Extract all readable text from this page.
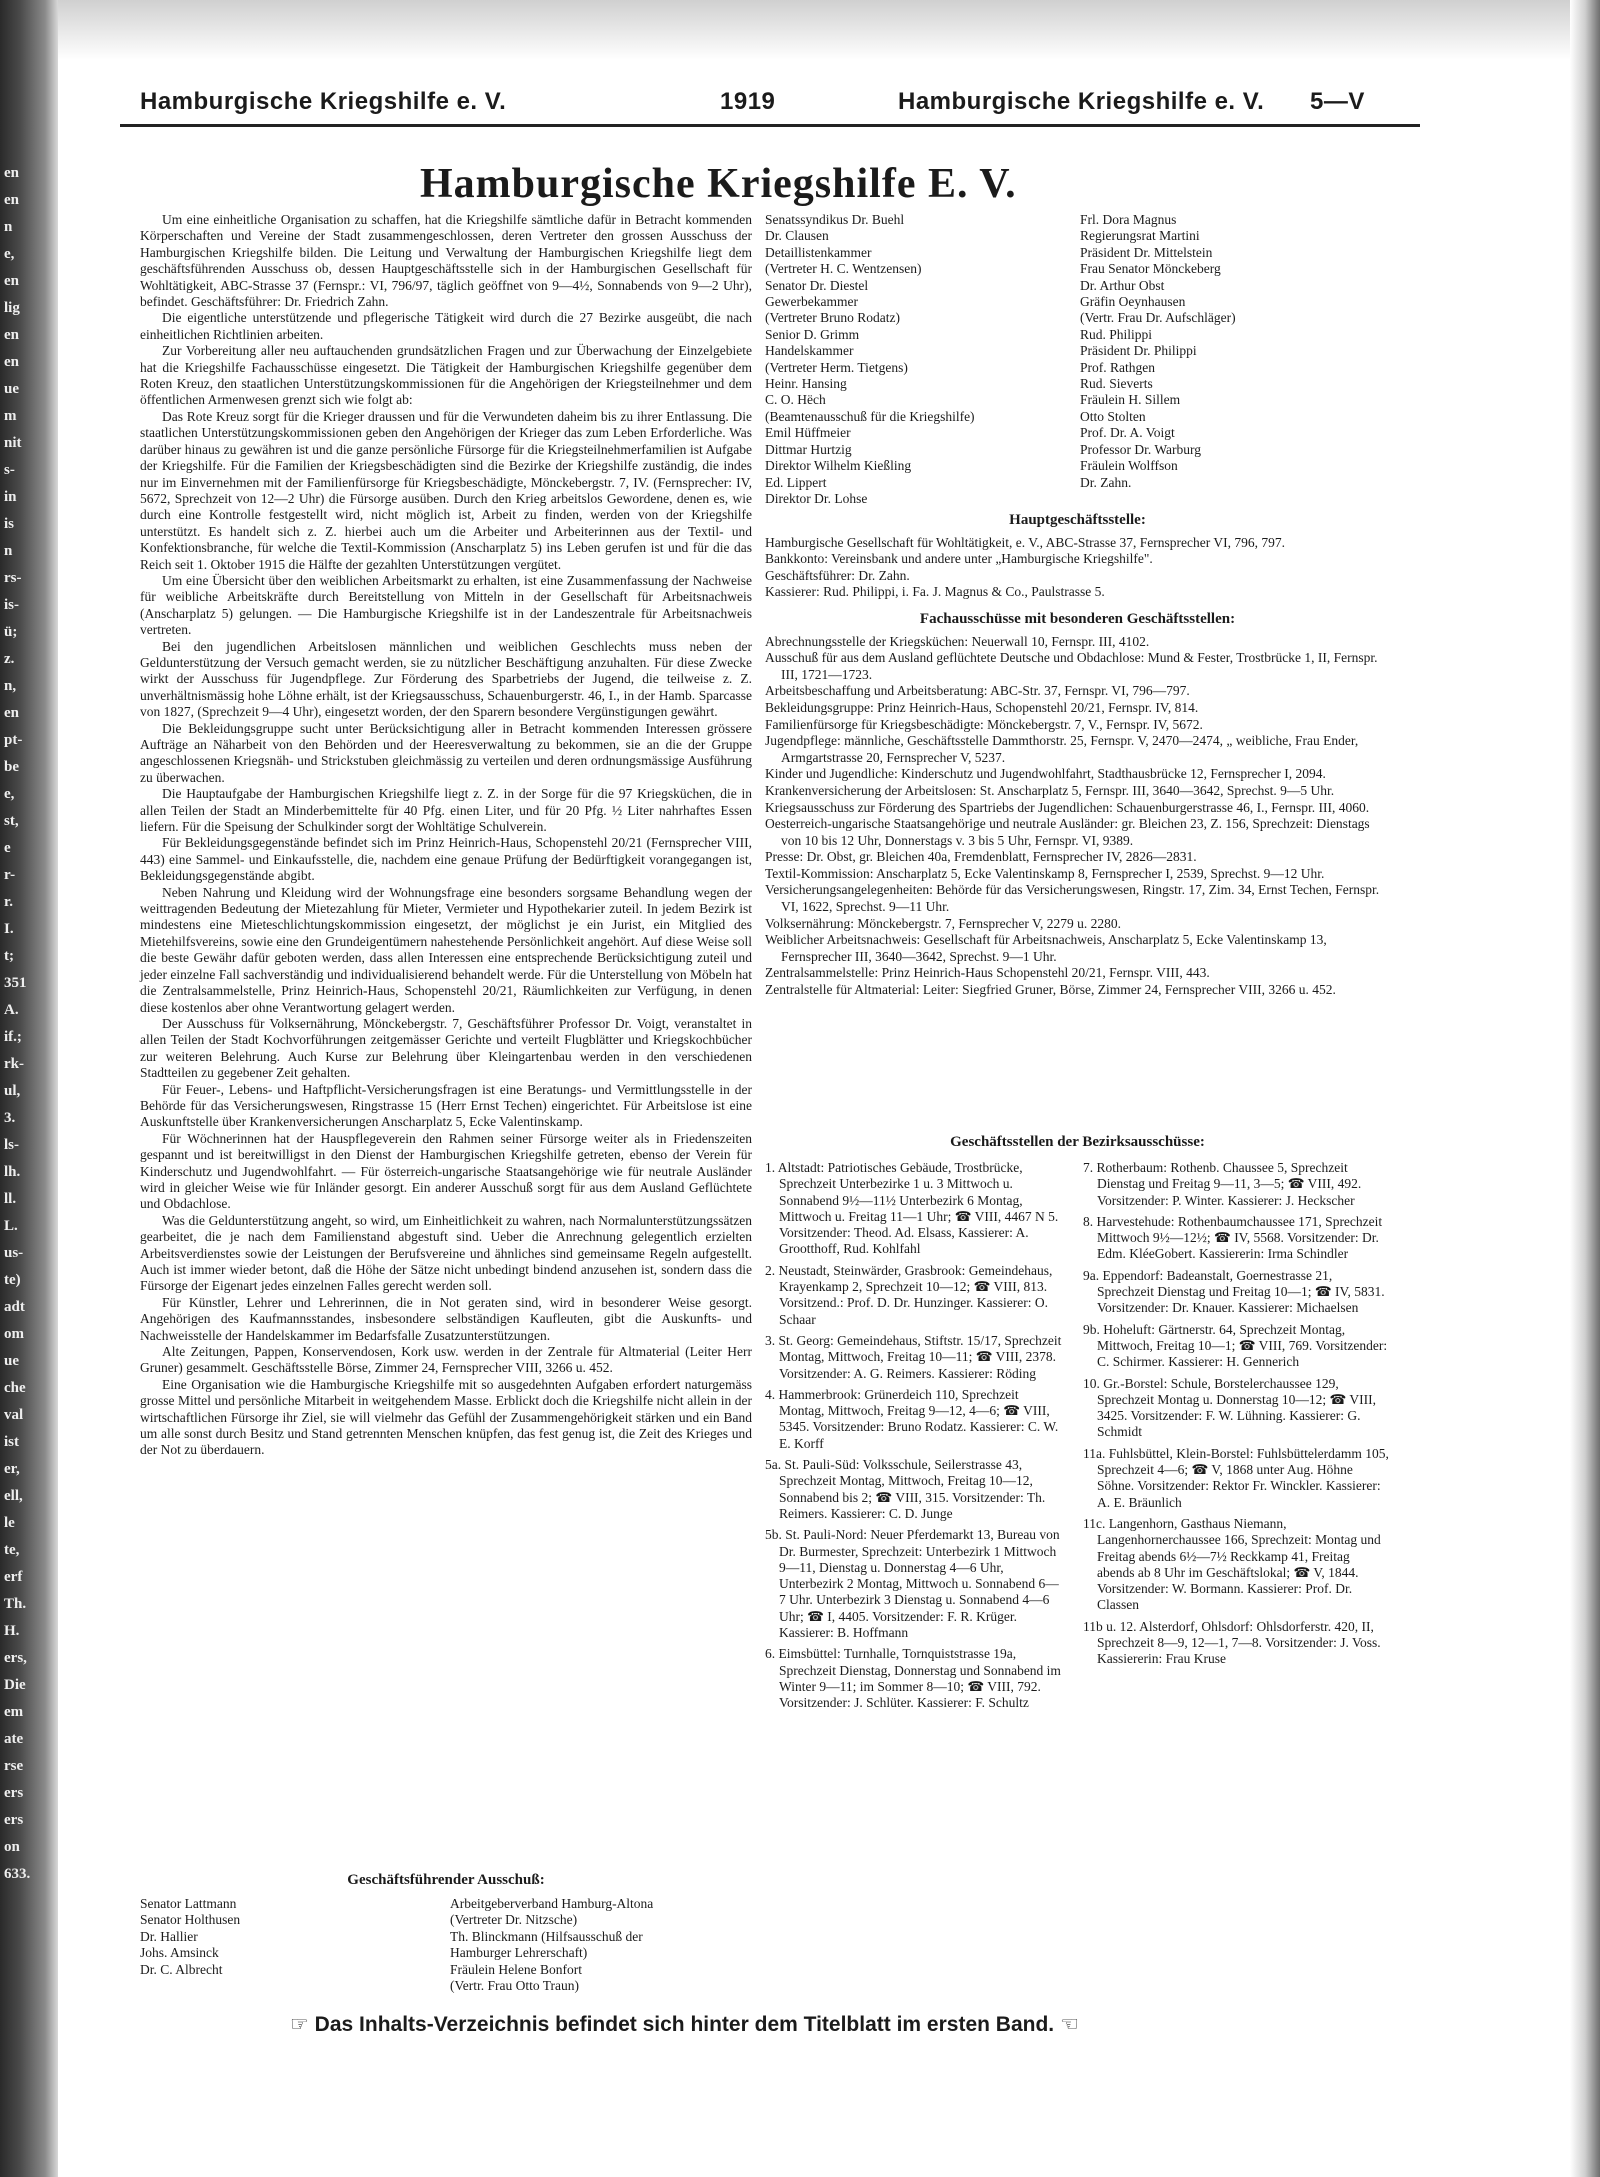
en
en
n
e,
en
lig
en
en
ue
m
nit
s-
in
is
n
rs-
is-
ü;
z.
n,
en
pt-
be
e,
st,
e
r-
r.
I.
t;
351
A.
if.;
rk-
ul,
3.
ls-
lh.
ll.
L.
us-
te)
adt
om
ue
che
val
ist
er,
ell,
le
te,
erf
Th.
H.
ers,
Die
em
ate
rse
ers
ers
on
633.
Hamburgische Kriegshilfe e. V.	1919	Hamburgische Kriegshilfe e. V. 5—V
Hamburgische Kriegshilfe E. V.

Um eine einheitliche Organisation zu schaffen, hat die Kriegshilfe sämtliche dafür in Betracht kommenden Körperschaften und Vereine der Stadt zusammengeschlossen, deren Vertreter den grossen Ausschuss der Hamburgischen Kriegshilfe bilden. Die Leitung und Verwaltung der Hamburgischen Kriegshilfe liegt dem geschäftsführenden Ausschuss ob, dessen Hauptgeschäftsstelle sich in der Hamburgischen Gesellschaft für Wohltätigkeit, ABC-Strasse 37 (Fernspr.: VI, 796/97, täglich geöffnet von 9—4½, Sonnabends von 9—2 Uhr), befindet. Geschäftsführer: Dr. Friedrich Zahn.

Die eigentliche unterstützende und pflegerische Tätigkeit wird durch die 27 Bezirke ausgeübt, die nach einheitlichen Richtlinien arbeiten.

Zur Vorbereitung aller neu auftauchenden grundsätzlichen Fragen und zur Überwachung der Einzelgebiete hat die Kriegshilfe Fachausschüsse eingesetzt. Die Tätigkeit der Hamburgischen Kriegshilfe gegenüber dem Roten Kreuz, den staatlichen Unterstützungskommissionen für die Angehörigen der Kriegsteilnehmer und dem öffentlichen Armenwesen grenzt sich wie folgt ab:

Das Rote Kreuz sorgt für die Krieger draussen und für die Verwundeten daheim bis zu ihrer Entlassung. Die staatlichen Unterstützungskommissionen geben den Angehörigen der Krieger das zum Leben Erforderliche. Was darüber hinaus zu gewähren ist und die ganze persönliche Fürsorge für die Kriegsteilnehmerfamilien ist Aufgabe der Kriegshilfe. Für die Familien der Kriegsbeschädigten sind die Bezirke der Kriegshilfe zuständig, die indes nur im Einvernehmen mit der Familienfürsorge für Kriegsbeschädigte, Mönckebergstr. 7, IV. (Fernsprecher: IV, 5672, Sprechzeit von 12—2 Uhr) die Fürsorge ausüben. Durch den Krieg arbeitslos Gewordene, denen es, wie durch eine Kontrolle festgestellt wird, nicht möglich ist, Arbeit zu finden, werden von der Kriegshilfe unterstützt. Es handelt sich z. Z. hierbei auch um die Arbeiter und Arbeiterinnen aus der Textil- und Konfektionsbranche, für welche die Textil-Kommission (Anscharplatz 5) ins Leben gerufen ist und für die das Reich seit 1. Oktober 1915 die Hälfte der gezahlten Unterstützungen vergütet.

Um eine Übersicht über den weiblichen Arbeitsmarkt zu erhalten, ist eine Zusammenfassung der Nachweise für weibliche Arbeitskräfte durch Bereitstellung von Mitteln in der Gesellschaft für Arbeitsnachweis (Anscharplatz 5) gelungen. — Die Hamburgische Kriegshilfe ist in der Landeszentrale für Arbeitsnachweis vertreten.

Bei den jugendlichen Arbeitslosen männlichen und weiblichen Geschlechts muss neben der Geldunterstützung der Versuch gemacht werden, sie zu nützlicher Beschäftigung anzuhalten. Für diese Zwecke wirkt der Ausschuss für Jugendpflege. Zur Förderung des Sparbetriebs der Jugend, die teilweise z. Z. unverhältnismässig hohe Löhne erhält, ist der Kriegsausschuss, Schauenburgerstr. 46, I., in der Hamb. Sparcasse von 1827, (Sprechzeit 9—4 Uhr), eingesetzt worden, der den Sparern besondere Vergünstigungen gewährt.

Die Bekleidungsgruppe sucht unter Berücksichtigung aller in Betracht kommenden Interessen grössere Aufträge an Näharbeit von den Behörden und der Heeresverwaltung zu bekommen, sie an die der Gruppe angeschlossenen Kriegsnäh- und Strickstuben gleichmässig zu verteilen und deren ordnungsmässige Ausführung zu überwachen.

Die Hauptaufgabe der Hamburgischen Kriegshilfe liegt z. Z. in der Sorge für die 97 Kriegsküchen, die in allen Teilen der Stadt an Minderbemittelte für 40 Pfg. einen Liter, und für 20 Pfg. ½ Liter nahrhaftes Essen liefern. Für die Speisung der Schulkinder sorgt der Wohltätige Schulverein.

Für Bekleidungsgegenstände befindet sich im Prinz Heinrich-Haus, Schopenstehl 20/21 (Fernsprecher VIII, 443) eine Sammel- und Einkaufsstelle, die, nachdem eine genaue Prüfung der Bedürftigkeit vorangegangen ist, Bekleidungsgegenstände abgibt.

Neben Nahrung und Kleidung wird der Wohnungsfrage eine besonders sorgsame Behandlung wegen der weittragenden Bedeutung der Mietezahlung für Mieter, Vermieter und Hypothekarier zuteil. In jedem Bezirk ist mindestens eine Mieteschlichtungskommission eingesetzt, der möglichst je ein Jurist, ein Mitglied des Mietehilfsvereins, sowie eine den Grundeigentümern nahestehende Persönlichkeit angehört. Auf diese Weise soll die beste Gewähr dafür geboten werden, dass allen Interessen eine entsprechende Berücksichtigung zuteil und jeder einzelne Fall sachverständig und individualisierend behandelt werde. Für die Unterstellung von Möbeln hat die Zentralsammelstelle, Prinz Heinrich-Haus, Schopenstehl 20/21, Räumlichkeiten zur Verfügung, in denen diese kostenlos aber ohne Verantwortung gelagert werden.

Der Ausschuss für Volksernährung, Mönckebergstr. 7, Geschäftsführer Professor Dr. Voigt, veranstaltet in allen Teilen der Stadt Kochvorführungen zeitgemässer Gerichte und verteilt Flugblätter und Kriegskochbücher zur weiteren Belehrung. Auch Kurse zur Belehrung über Kleingartenbau werden in den verschiedenen Stadtteilen zu gegebener Zeit gehalten.

Für Feuer-, Lebens- und Haftpflicht-Versicherungsfragen ist eine Beratungs- und Vermittlungsstelle in der Behörde für das Versicherungswesen, Ringstrasse 15 (Herr Ernst Techen) eingerichtet. Für Arbeitslose ist eine Auskunftstelle über Krankenversicherungen Anscharplatz 5, Ecke Valentinskamp.

Für Wöchnerinnen hat der Hauspflegeverein den Rahmen seiner Fürsorge weiter als in Friedenszeiten gespannt und ist bereitwilligst in den Dienst der Hamburgischen Kriegshilfe getreten, ebenso der Verein für Kinderschutz und Jugendwohlfahrt. — Für österreich-ungarische Staatsangehörige wie für neutrale Ausländer wird in gleicher Weise wie für Inländer gesorgt. Ein anderer Ausschuß sorgt für aus dem Ausland Geflüchtete und Obdachlose.

Was die Geldunterstützung angeht, so wird, um Einheitlichkeit zu wahren, nach Normalunterstützungssätzen gearbeitet, die je nach dem Familienstand abgestuft sind. Ueber die Anrechnung gelegentlich erzielten Arbeitsverdienstes sowie der Leistungen der Berufsvereine und ähnliches sind gemeinsame Regeln aufgestellt. Auch ist immer wieder betont, daß die Höhe der Sätze nicht unbedingt bindend anzusehen ist, sondern dass die Fürsorge der Eigenart jedes einzelnen Falles gerecht werden soll.

Für Künstler, Lehrer und Lehrerinnen, die in Not geraten sind, wird in besonderer Weise gesorgt. Angehörigen des Kaufmannsstandes, insbesondere selbständigen Kaufleuten, gibt die Auskunfts- und Nachweisstelle der Handelskammer im Bedarfsfalle Zusatzunterstützungen.

Alte Zeitungen, Pappen, Konservendosen, Kork usw. werden in der Zentrale für Altmaterial (Leiter Herr Gruner) gesammelt. Geschäftsstelle Börse, Zimmer 24, Fernsprecher VIII, 3266 u. 452.

Eine Organisation wie die Hamburgische Kriegshilfe mit so ausgedehnten Aufgaben erfordert naturgemäss grosse Mittel und persönliche Mitarbeit in weitgehendem Masse. Erblickt doch die Kriegshilfe nicht allein in der wirtschaftlichen Fürsorge ihr Ziel, sie will vielmehr das Gefühl der Zusammengehörigkeit stärken und ein Band um alle sonst durch Besitz und Stand getrennten Menschen knüpfen, das fest genug ist, die Zeit des Krieges und der Not zu überdauern.

Senatssyndikus Dr. Buehl
Dr. Clausen
Detaillistenkammer
(Vertreter H. C. Wentzensen)
Senator Dr. Diestel
Gewerbekammer
(Vertreter Bruno Rodatz)
Senior D. Grimm
Handelskammer
(Vertreter Herm. Tietgens)
Heinr. Hansing
C. O. Hëch
(Beamtenausschuß für die Kriegshilfe)
Emil Hüffmeier
Dittmar Hurtzig
Direktor Wilhelm Kießling
Ed. Lippert
Direktor Dr. Lohse
Frl. Dora Magnus
Regierungsrat Martini
Präsident Dr. Mittelstein
Frau Senator Mönckeberg
Dr. Arthur Obst
Gräfin Oeynhausen
(Vertr. Frau Dr. Aufschläger)
Rud. Philippi
Präsident Dr. Philippi
Prof. Rathgen
Rud. Sieverts
Fräulein H. Sillem
Otto Stolten
Prof. Dr. A. Voigt
Professor Dr. Warburg
Fräulein Wolffson
Dr. Zahn.
Hauptgeschäftsstelle:
Hamburgische Gesellschaft für Wohltätigkeit, e. V., ABC-Strasse 37, Fernsprecher VI, 796, 797.
Bankkonto: Vereinsbank und andere unter „Hamburgische Kriegshilfe".
Geschäftsführer: Dr. Zahn.
Kassierer: Rud. Philippi, i. Fa. J. Magnus & Co., Paulstrasse 5.
Fachausschüsse mit besonderen Geschäftsstellen:
Abrechnungsstelle der Kriegsküchen: Neuerwall 10, Fernspr. III, 4102.
Ausschuß für aus dem Ausland geflüchtete Deutsche und Obdachlose: Mund & Fester, Trostbrücke 1, II, Fernspr. III, 1721—1723.
Arbeitsbeschaffung und Arbeitsberatung: ABC-Str. 37, Fernspr. VI, 796—797.
Bekleidungsgruppe: Prinz Heinrich-Haus, Schopenstehl 20/21, Fernspr. IV, 814.
Familienfürsorge für Kriegsbeschädigte: Mönckebergstr. 7, V., Fernspr. IV, 5672.
Jugendpflege: männliche, Geschäftsstelle Dammthorstr. 25, Fernspr. V, 2470—2474, „ weibliche, Frau Ender, Armgartstrasse 20, Fernsprecher V, 5237.
Kinder und Jugendliche: Kinderschutz und Jugendwohlfahrt, Stadthausbrücke 12, Fernsprecher I, 2094.
Krankenversicherung der Arbeitslosen: St. Anscharplatz 5, Fernspr. III, 3640—3642, Sprechst. 9—5 Uhr.
Kriegsausschuss zur Förderung des Spartriebs der Jugendlichen: Schauenburgerstrasse 46, I., Fernspr. III, 4060.
Oesterreich-ungarische Staatsangehörige und neutrale Ausländer: gr. Bleichen 23, Z. 156, Sprechzeit: Dienstags von 10 bis 12 Uhr, Donnerstags v. 3 bis 5 Uhr, Fernspr. VI, 9389.
Presse: Dr. Obst, gr. Bleichen 40a, Fremdenblatt, Fernsprecher IV, 2826—2831.
Textil-Kommission: Anscharplatz 5, Ecke Valentinskamp 8, Fernsprecher I, 2539, Sprechst. 9—12 Uhr.
Versicherungsangelegenheiten: Behörde für das Versicherungswesen, Ringstr. 17, Zim. 34, Ernst Techen, Fernspr. VI, 1622, Sprechst. 9—11 Uhr.
Volksernährung: Mönckebergstr. 7, Fernsprecher V, 2279 u. 2280.
Weiblicher Arbeitsnachweis: Gesellschaft für Arbeitsnachweis, Anscharplatz 5, Ecke Valentinskamp 13, Fernsprecher III, 3640—3642, Sprechst. 9—1 Uhr.
Zentralsammelstelle: Prinz Heinrich-Haus Schopenstehl 20/21, Fernspr. VIII, 443.
Zentralstelle für Altmaterial: Leiter: Siegfried Gruner, Börse, Zimmer 24, Fernsprecher VIII, 3266 u. 452.
Geschäftsstellen der Bezirksausschüsse:
1. Altstadt: Patriotisches Gebäude, Trostbrücke, Sprechzeit Unterbezirke 1 u. 3 Mittwoch u. Sonnabend 9½—11½ Unterbezirk 6 Montag, Mittwoch u. Freitag 11—1 Uhr; ☎ VIII, 4467 N 5. Vorsitzender: Theod. Ad. Elsass, Kassierer: A. Grootthoff, Rud. Kohlfahl
2. Neustadt, Steinwärder, Grasbrook: Gemeindehaus, Krayenkamp 2, Sprechzeit 10—12; ☎ VIII, 813. Vorsitzend.: Prof. D. Dr. Hunzinger. Kassierer: O. Schaar
3. St. Georg: Gemeindehaus, Stiftstr. 15/17, Sprechzeit Montag, Mittwoch, Freitag 10—11; ☎ VIII, 2378. Vorsitzender: A. G. Reimers. Kassierer: Röding
4. Hammerbrook: Grünerdeich 110, Sprechzeit Montag, Mittwoch, Freitag 9—12, 4—6; ☎ VIII, 5345. Vorsitzender: Bruno Rodatz. Kassierer: C. W. E. Korff
5a. St. Pauli-Süd: Volksschule, Seilerstrasse 43, Sprechzeit Montag, Mittwoch, Freitag 10—12, Sonnabend bis 2; ☎ VIII, 315. Vorsitzender: Th. Reimers. Kassierer: C. D. Junge
5b. St. Pauli-Nord: Neuer Pferdemarkt 13, Bureau von Dr. Burmester, Sprechzeit: Unterbezirk 1 Mittwoch 9—11, Dienstag u. Donnerstag 4—6 Uhr, Unterbezirk 2 Montag, Mittwoch u. Sonnabend 6—7 Uhr. Unterbezirk 3 Dienstag u. Sonnabend 4—6 Uhr; ☎ I, 4405. Vorsitzender: F. R. Krüger. Kassierer: B. Hoffmann
6. Eimsbüttel: Turnhalle, Tornquiststrasse 19a, Sprechzeit Dienstag, Donnerstag und Sonnabend im Winter 9—11; im Sommer 8—10; ☎ VIII, 792. Vorsitzender: J. Schlüter. Kassierer: F. Schultz
7. Rotherbaum: Rothenb. Chaussee 5, Sprechzeit Dienstag und Freitag 9—11, 3—5; ☎ VIII, 492. Vorsitzender: P. Winter. Kassierer: J. Heckscher
8. Harvestehude: Rothenbaumchaussee 171, Sprechzeit Mittwoch 9½—12½; ☎ IV, 5568. Vorsitzender: Dr. Edm. KléeGobert. Kassiererin: Irma Schindler
9a. Eppendorf: Badeanstalt, Goernestrasse 21, Sprechzeit Dienstag und Freitag 10—1; ☎ IV, 5831. Vorsitzender: Dr. Knauer. Kassierer: Michaelsen
9b. Hoheluft: Gärtnerstr. 64, Sprechzeit Montag, Mittwoch, Freitag 10—1; ☎ VIII, 769. Vorsitzender: C. Schirmer. Kassierer: H. Gennerich
10. Gr.-Borstel: Schule, Borstelerchaussee 129, Sprechzeit Montag u. Donnerstag 10—12; ☎ VIII, 3425. Vorsitzender: F. W. Lühning. Kassierer: G. Schmidt
11a. Fuhlsbüttel, Klein-Borstel: Fuhlsbüttelerdamm 105, Sprechzeit 4—6; ☎ V, 1868 unter Aug. Höhne Söhne. Vorsitzender: Rektor Fr. Winckler. Kassierer: A. E. Bräunlich
11c. Langenhorn, Gasthaus Niemann, Langenhornerchaussee 166, Sprechzeit: Montag und Freitag abends 6½—7½ Reckkamp 41, Freitag abends ab 8 Uhr im Geschäftslokal; ☎ V, 1844. Vorsitzender: W. Bormann. Kassierer: Prof. Dr. Classen
11b u. 12. Alsterdorf, Ohlsdorf: Ohlsdorferstr. 420, II, Sprechzeit 8—9, 12—1, 7—8. Vorsitzender: J. Voss. Kassiererin: Frau Kruse
Geschäftsführender Ausschuß:
Senator Lattmann
Senator Holthusen
Dr. Hallier
Johs. Amsinck
Dr. C. Albrecht
Arbeitgeberverband Hamburg-Altona
(Vertreter Dr. Nitzsche)
Th. Blinckmann (Hilfsausschuß der
Hamburger Lehrerschaft)
Fräulein Helene Bonfort
(Vertr. Frau Otto Traun)
☞ Das Inhalts-Verzeichnis befindet sich hinter dem Titelblatt im ersten Band. ☜
